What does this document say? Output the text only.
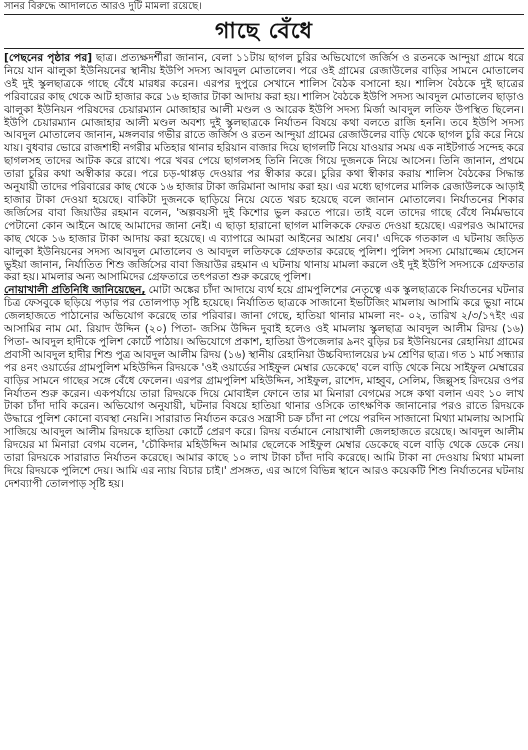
সানর বিরুদ্ধে আদালতে আরও দুটি মামলা রয়েছে।
গাছে বেঁধে

[পেছনের পৃষ্ঠার পর] ছাত্র। প্রত্যক্ষদর্শীরা জানান, বেলা ১১টায় ছাগল চুরির অভিযোগে জর্জিস ও রতনকে আন্দুয়া গ্রামে ধরে নিয়ে যান ঝালুকা ইউনিয়নের স্থানীয় ইউপি সদস্য আবদুল মোতালেব। পরে ওই গ্রামের রেজাউলের বাড়ির সামনে মোতালেব ওই দুই স্কুলছাত্রকে গাছে বেঁধে মারধর করেন। এরপর দুপুরে সেখানে শালিস বৈঠক বসানো হয়। শালিস বৈঠকে দুই ছাত্রের পরিবারের কাছ থেকে আট হাজার করে ১৬ হাজার টাকা আদায় করা হয়। শালিস বৈঠকে ইউপি সদস্য আবদুল মোতালেব ছাড়াও ঝালুকা ইউনিয়ন পরিষদের চেয়ারম্যান মোজাহার আলী মণ্ডল ও আরেক ইউপি সদস্য মির্জা আবদুল লতিফ উপস্থিত ছিলেন। ইউপি চেয়ারম্যান মোজাহার আলী মণ্ডল অবশ্য দুই স্কুলছাত্রকে নির্যাতন বিষয়ে কথা বলতে রাজি হননি। তবে ইউপি সদস্য আবদুল মোতালেব জানান, মঙ্গলবার গভীর রাতে জর্জিস ও রতন আন্দুয়া গ্রামের রেজাউলের বাড়ি থেকে ছাগল চুরি করে নিয়ে যায়। বুধবার ভোরে রাজশাহী নগরীর মতিহার থানার হরিয়ান বাজার দিয়ে ছাগলটি নিয়ে যাওয়ার সময় এক নাইটগার্ড সন্দেহ করে ছাগলসহ তাদের আটক করে রাখে। পরে খবর পেয়ে ছাগলসহ তিনি নিজে গিয়ে দুজনকে নিয়ে আসেন। তিনি জানান, প্রথমে তারা চুরির কথা অস্বীকার করে। পরে চড়-থাপ্পড় দেওয়ার পর স্বীকার করে। চুরির কথা স্বীকার করায় শালিস বৈঠকের সিদ্ধান্ত অনুযায়ী তাদের পরিবারের কাছ থেকে ১৬ হাজার টাকা জরিমানা আদায় করা হয়। এর মধ্যে ছাগলের মালিক রেজাউলকে আড়াই হাজার টাকা দেওয়া হয়েছে। বাকিটা দুজনকে ছাড়িয়ে নিয়ে যেতে খরচ হয়েছে বলে জানান মোতালেব। নির্যাতনের শিকার জর্জিসের বাবা জিয়াউর রহমান বলেন, 'অল্পবয়সী দুই কিশোর ভুল করতে পারে। তাই বলে তাদের গাছে বেঁধে নির্মমভাবে পেটানো কোন আইনে আছে আমাদের জানা নেই। এ ছাড়া হারানো ছাগল মালিককে ফেরত দেওয়া হয়েছে। এরপরও আমাদের কাছ থেকে ১৬ হাজার টাকা আদায় করা হয়েছে। এ ব্যাপারে আমরা আইনের আশ্রয় নেব।' এদিকে গতকাল এ ঘটনায় জড়িত ঝালুকা ইউনিয়নের সদস্য আবদুল মোতালেব ও আবদুল লতিফকে গ্রেফতার করেছে পুলিশ। পুলিশ সদস্য মোয়াজ্জেম হোসেন ভুইয়া জানান, নির্যাতিত শিশু জর্জিসের বাবা জিয়াউর রহমান এ ঘটনায় থানায় মামলা করলে ওই দুই ইউপি সদস্যকে গ্রেফতার করা হয়। মামলার অন্য আসামিদের গ্রেফতারে তৎপরতা শুরু করেছে পুলিশ।

নোয়াখালী প্রতিনিধি জানিয়েছেন, মোটা অঙ্কের চাঁদা আদায়ে ব্যর্থ হয়ে গ্রামপুলিশের নেতৃত্বে এক স্কুলছাত্রকে নির্যাতনের ঘটনার চিত্র ফেসবুকে ছড়িয়ে পড়ার পর তোলপাড় সৃষ্টি হয়েছে। নির্যাতিত ছাত্রকে সাজানো ইভটিজিং মামলায় আসামি করে ভুয়া নামে জেলহাজতে পাঠানোর অভিযোগ করেছে তার পরিবার। জানা গেছে, হাতিয়া থানার মামলা নং- ০২, তারিখ ২/৩/১৭ইং এর আসামির নাম মো. রিয়াদ উদ্দিন (২০) পিতা- জসিম উদ্দিন দুবাই হলেও ওই মামলায় স্কুলছাত্র আবদুল আলীম রিদয় (১৬) পিতা- আবদুল হাদীকে পুলিশ কোর্টে পাঠায়। অভিযোগে প্রকাশ, হাতিয়া উপজেলার ৯নং বুড়ির চর ইউনিয়নের রেহানিয়া গ্রামের প্রবাসী আবদুল হাদীর শিশু পুত্র আবদুল আলীম রিদয় (১৬) স্থানীয় রেহানিয়া উচ্চবিদ্যালয়ের ৮ম শ্রেণির ছাত্র। গত ১ মার্চ সন্ধ্যার পর ৪নং ওয়ার্ডের গ্রামপুলিশ মহিউদ্দিন রিদয়কে 'ওই ওয়ার্ডের সাইফুল মেম্বার ডেকেছে' বলে বাড়ি থেকে নিয়ে সাইফুল মেম্বারের বাড়ির সামনে গাছের সঙ্গে বেঁধে ফেলেন। এরপর গ্রামপুলিশ মহিউদ্দিন, সাইফুল, রাশেদ, মাহ্বুব, সেলিম, জিল্লুসহ রিদয়ের ওপর নির্যাতন শুরু করেন। একপর্যায়ে তারা রিদয়কে দিয়ে মোবাইল ফোনে তার মা মিনারা বেগমের সঙ্গে কথা বলান এবং ১০ লাখ টাকা চাঁদা দাবি করেন। অভিযোগ অনুযায়ী, ঘটনার বিষয়ে হাতিয়া থানার ওসিকে তাৎক্ষণিক জানানোর পরও রাতে রিদয়কে উদ্ধারে পুলিশ কোনো ব্যবস্থা নেয়নি। সারারাত নির্যাতন করেও সন্ত্রাসী চক্র চাঁদা না পেয়ে পরদিন সাজানো মিথ্যা মামলায় আসামি সাজিয়ে আবদুল আলীম রিদয়কে হাতিয়া কোর্টে প্রেরণ করে। রিদয় বর্তমানে নোয়াখালী জেলহাজতে রয়েছে। আবদুল আলীম রিদয়ের মা মিনারা বেগম বলেন, 'চৌকিদার মহিউদ্দিন আমার ছেলেকে সাইফুল মেম্বার ডেকেছে বলে বাড়ি থেকে ডেকে নেয়। তারা রিদয়কে সারারাত নির্যাতন করেছে। আমার কাছে ১০ লাখ টাকা চাঁদা দাবি করেছে। আমি টাকা না দেওয়ায় মিথ্যা মামলা দিয়ে রিদয়কে পুলিশে দেয়। আমি এর ন্যায় বিচার চাই।' প্রসঙ্গত, এর আগে বিভিন্ন স্থানে আরও কয়েকটি শিশু নির্যাতনের ঘটনায় দেশব্যাপী তোলপাড় সৃষ্টি হয়।
